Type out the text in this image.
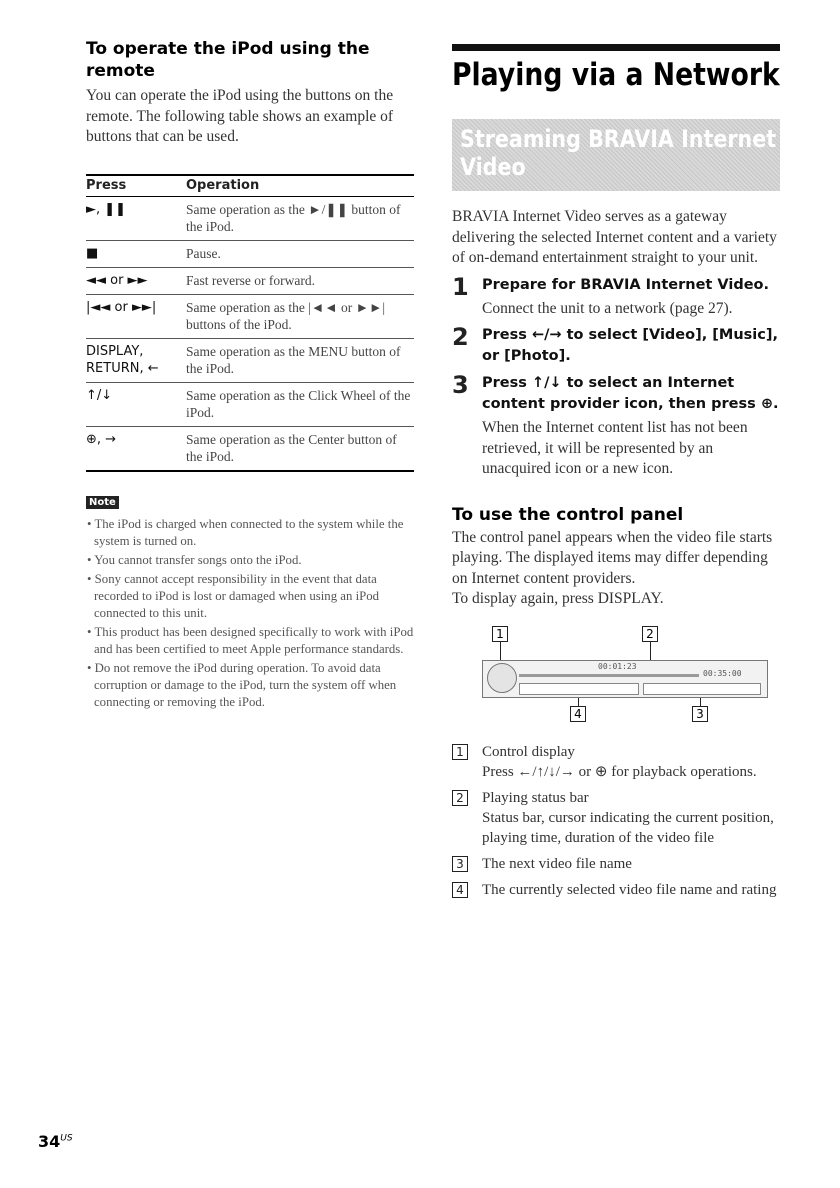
To operate the iPod using the remote

You can operate the iPod using the buttons on the remote. The following table shows an example of buttons that can be used.

Press	Operation
►, ❚❚	Same operation as the ►/❚❚ button of the iPod.
■	Pause.
◄◄ or ►►	Fast reverse or forward.
|◄◄ or ►►|	Same operation as the |◄◄ or ►►| buttons of the iPod.
DISPLAY, RETURN, ←	Same operation as the MENU button of the iPod.
↑/↓	Same operation as the Click Wheel of the iPod.
⊕, →	Same operation as the Center button of the iPod.
Note
• The iPod is charged when connected to the system while the system is turned on.
• You cannot transfer songs onto the iPod.
• Sony cannot accept responsibility in the event that data recorded to iPod is lost or damaged when using an iPod connected to this unit.
• This product has been designed specifically to work with iPod and has been certified to meet Apple performance standards.
• Do not remove the iPod during operation. To avoid data corruption or damage to the iPod, turn the system off when connecting or removing the iPod.
Playing via a Network
Streaming BRAVIA Internet
Video

BRAVIA Internet Video serves as a gateway delivering the selected Internet content and a variety of on-demand entertainment straight to your unit.

1 Prepare for BRAVIA Internet Video.
Connect the unit to a network (page 27).
2 Press ←/→ to select [Video], [Music], or [Photo].
3 Press ↑/↓ to select an Internet content provider icon, then press ⊕.
When the Internet content list has not been retrieved, it will be represented by an unacquired icon or a new icon.
To use the control panel

The control panel appears when the video file starts playing. The displayed items may differ depending on Internet content providers.

To display again, press DISPLAY.

1	2
00:01:23
00:35:00
4	3
1 Control display
Press ←/↑/↓/→ or ⊕ for playback operations.
2 Playing status bar
Status bar, cursor indicating the current position, playing time, duration of the video file
3 The next video file name
4 The currently selected video file name and rating
$34^{US}$
